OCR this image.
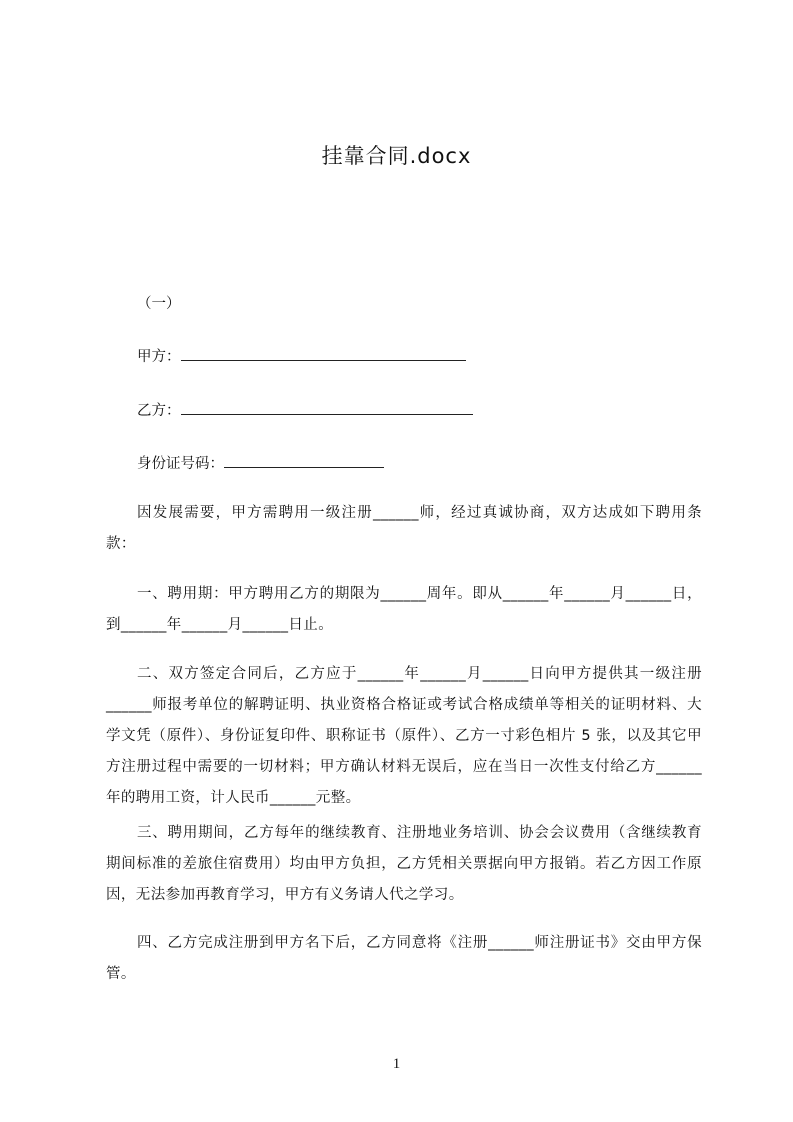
挂靠合同.docx
（一）
甲方：
乙方：
身份证号码：
因发展需要，甲方需聘用一级注册______师，经过真诚协商，双方达成如下聘用条款：
一、聘用期：甲方聘用乙方的期限为______周年。即从______年______月______日，到______年______月______日止。
二、双方签定合同后，乙方应于______年______月______日向甲方提供其一级注册______师报考单位的解聘证明、执业资格合格证或考试合格成绩单等相关的证明材料、大学文凭（原件）、身份证复印件、职称证书（原件）、乙方一寸彩色相片 5 张，以及其它甲方注册过程中需要的一切材料；甲方确认材料无误后，应在当日一次性支付给乙方______年的聘用工资，计人民币______元整。
三、聘用期间，乙方每年的继续教育、注册地业务培训、协会会议费用（含继续教育期间标准的差旅住宿费用）均由甲方负担，乙方凭相关票据向甲方报销。若乙方因工作原因，无法参加再教育学习，甲方有义务请人代之学习。
四、乙方完成注册到甲方名下后，乙方同意将《注册______师注册证书》交由甲方保管。
1
